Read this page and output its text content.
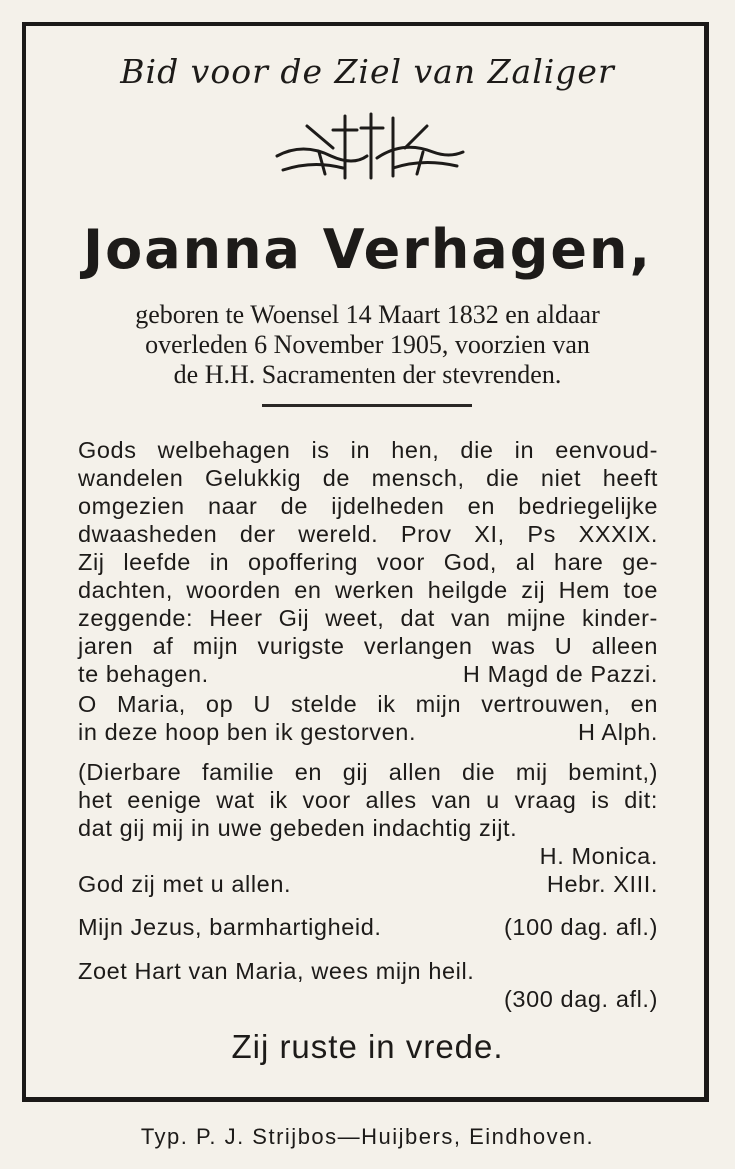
Bid voor de Ziel van Zaliger
Joanna Verhagen,
geboren te Woensel 14 Maart 1832 en aldaar
overleden 6 November 1905, voorzien van
de H.H. Sacramenten der stevrenden.
Gods welbehagen is in hen, die in eenvoud-
wandelen Gelukkig de mensch, die niet heeft
omgezien naar de ijdelheden en bedriegelijke
dwaasheden der wereld. Prov XI, Ps XXXIX.
Zij leefde in opoffering voor God, al hare ge-
dachten, woorden en werken heilgde zij Hem toe
zeggende: Heer Gij weet, dat van mijne kinder-
jaren af mijn vurigste verlangen was U alleen
te behagen.	H Magd de Pazzi.
O Maria, op U stelde ik mijn vertrouwen, en
in deze hoop ben ik gestorven.	H Alph.
(Dierbare familie en gij allen die mij bemint,)
het eenige wat ik voor alles van u vraag is dit:
dat gij mij in uwe gebeden indachtig zijt.
H. Monica.
God zij met u allen.	Hebr. XIII.
Mijn Jezus, barmhartigheid.	(100 dag. afl.)
Zoet Hart van Maria, wees mijn heil.
(300 dag. afl.)
Zij ruste in vrede.
Typ. P. J. Strijbos—Huijbers, Eindhoven.
